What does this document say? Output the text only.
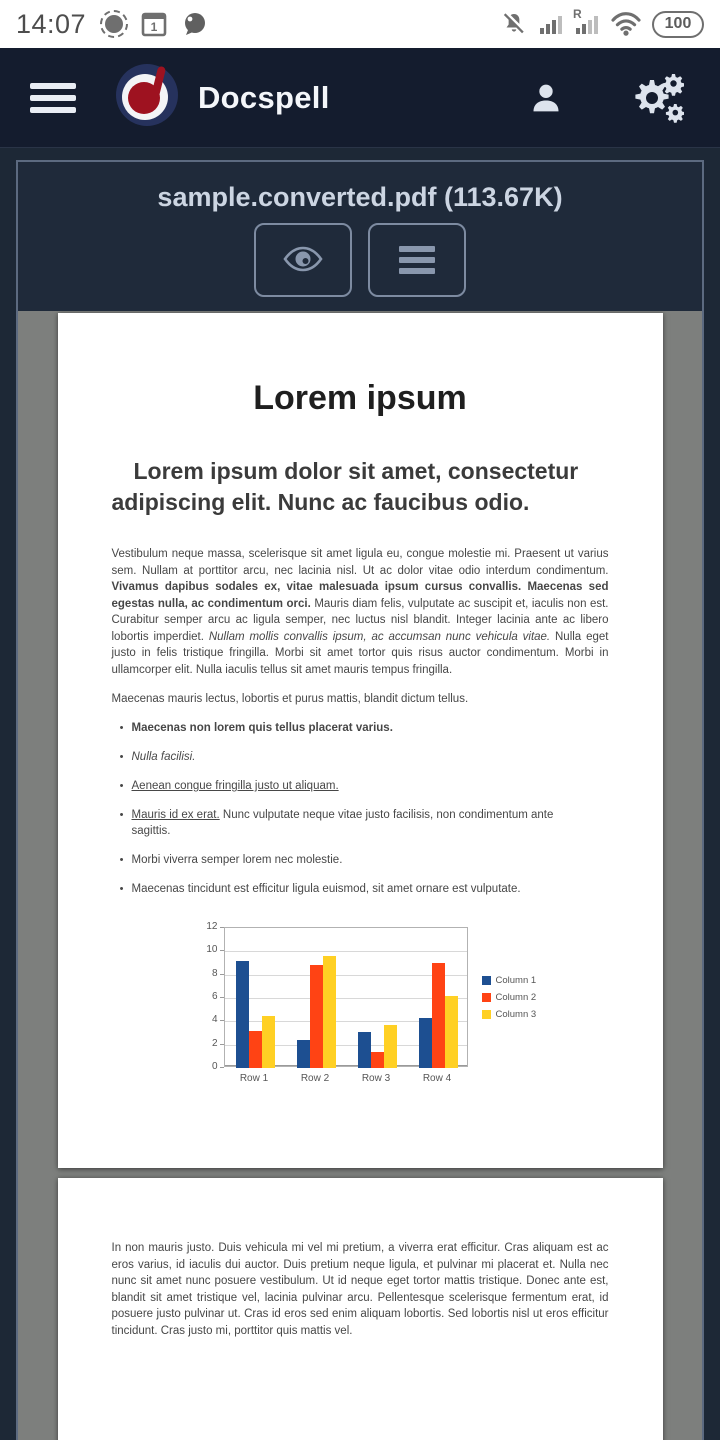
14:07	1
R
100
Docspell
sample.converted.pdf (113.67K)
Lorem ipsum
Lorem ipsum dolor sit amet, consectetur adipiscing elit. Nunc ac faucibus odio.

Vestibulum neque massa, scelerisque sit amet ligula eu, congue molestie mi. Praesent ut varius sem. Nullam at porttitor arcu, nec lacinia nisl. Ut ac dolor vitae odio interdum condimentum. Vivamus dapibus sodales ex, vitae malesuada ipsum cursus convallis. Maecenas sed egestas nulla, ac condimentum orci. Mauris diam felis, vulputate ac suscipit et, iaculis non est. Curabitur semper arcu ac ligula semper, nec luctus nisl blandit. Integer lacinia ante ac libero lobortis imperdiet. Nullam mollis convallis ipsum, ac accumsan nunc vehicula vitae. Nulla eget justo in felis tristique fringilla. Morbi sit amet tortor quis risus auctor condimentum. Morbi in ullamcorper elit. Nulla iaculis tellus sit amet mauris tempus fringilla.

Maecenas mauris lectus, lobortis et purus mattis, blandit dictum tellus.

• Maecenas non lorem quis tellus placerat varius.
• Nulla facilisi.
• Aenean congue fringilla justo ut aliquam.
• Mauris id ex erat. Nunc vulputate neque vitae justo facilisis, non condimentum ante sagittis.
• Morbi viverra semper lorem nec molestie.
• Maecenas tincidunt est efficitur ligula euismod, sit amet ornare est vulputate.
0
2
4
6
8
10
12
Row 1	Row 2	Row 3	Row 4
Column 1
Column 2
Column 3

In non mauris justo. Duis vehicula mi vel mi pretium, a viverra erat efficitur. Cras aliquam est ac eros varius, id iaculis dui auctor. Duis pretium neque ligula, et pulvinar mi placerat et. Nulla nec nunc sit amet nunc posuere vestibulum. Ut id neque eget tortor mattis tristique. Donec ante est, blandit sit amet tristique vel, lacinia pulvinar arcu. Pellentesque scelerisque fermentum erat, id posuere justo pulvinar ut. Cras id eros sed enim aliquam lobortis. Sed lobortis nisl ut eros efficitur tincidunt. Cras justo mi, porttitor quis mattis vel.
